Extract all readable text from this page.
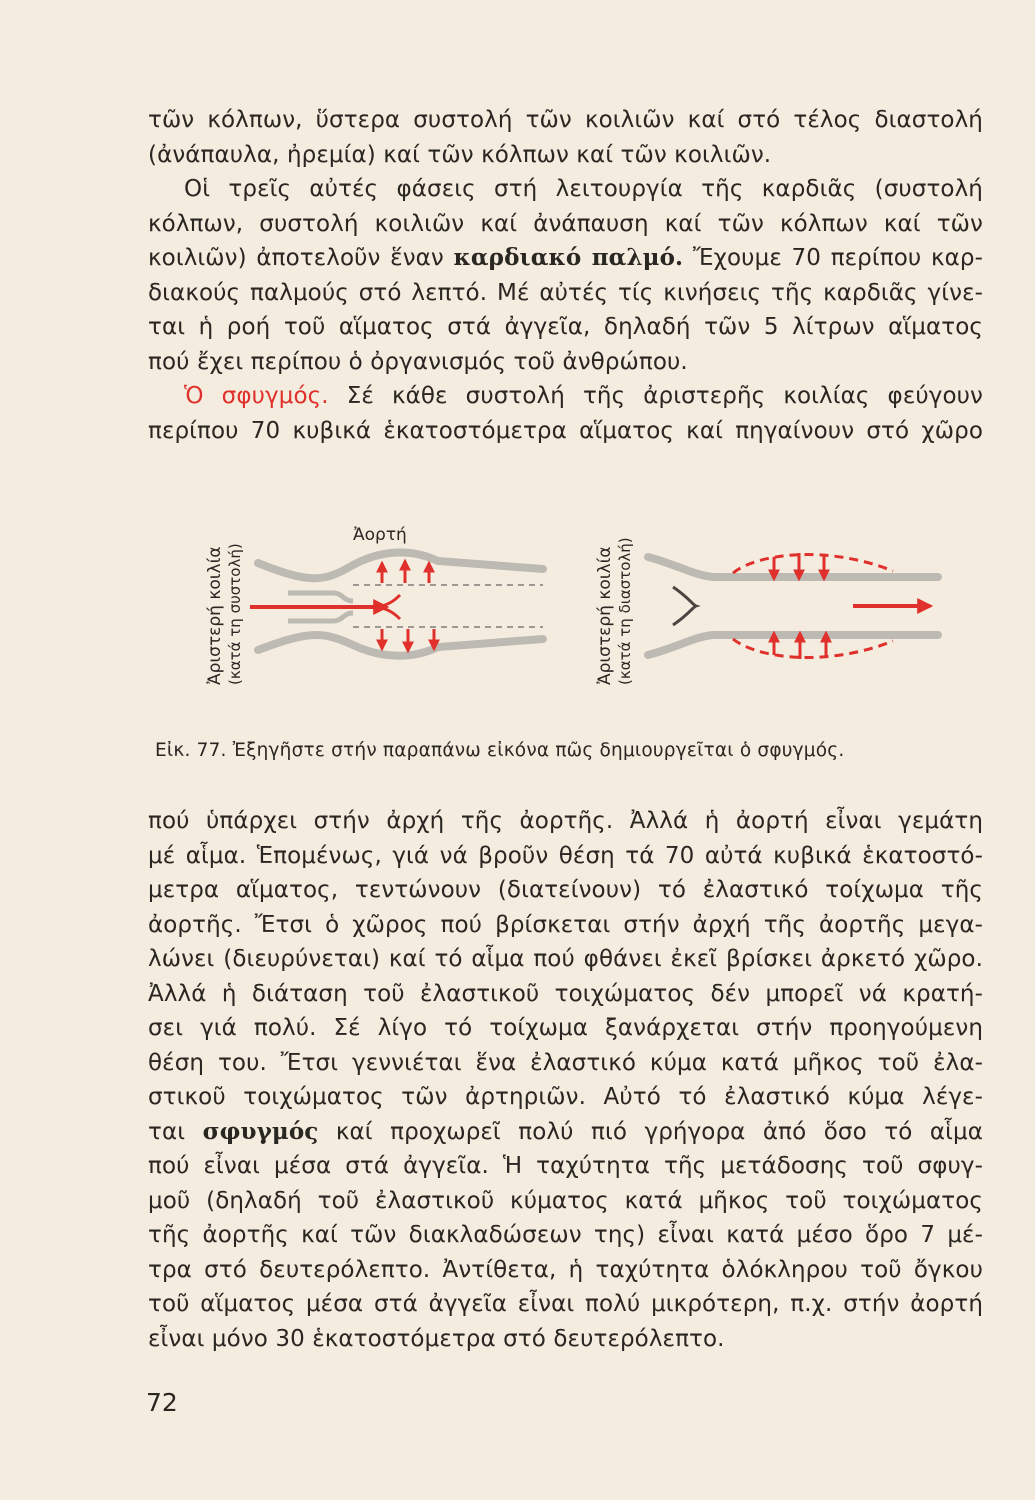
τῶν κόλπων, ὕστερα συστολή τῶν κοιλιῶν καί στό τέλος διαστολή
(ἀνάπαυλα, ἠρεμία) καί τῶν κόλπων καί τῶν κοιλιῶν.
Οἱ τρεῖς αὐτές φάσεις στή λειτουργία τῆς καρδιᾶς (συστολή
κόλπων, συστολή κοιλιῶν καί ἀνάπαυση καί τῶν κόλπων καί τῶν
κοιλιῶν) ἀποτελοῦν ἕναν καρδιακό παλμό. Ἔχουμε 70 περίπου καρ-
διακούς παλμούς στό λεπτό. Μέ αὐτές τίς κινήσεις τῆς καρδιᾶς γίνε-
ται ἡ ροή τοῦ αἵματος στά ἀγγεῖα, δηλαδή τῶν 5 λίτρων αἵματος
πού ἔχει περίπου ὁ ὀργανισμός τοῦ ἀνθρώπου.
Ὁ σφυγμός. Σέ κάθε συστολή τῆς ἀριστερῆς κοιλίας φεύγουν
περίπου 70 κυβικά ἑκατοστόμετρα αἵματος καί πηγαίνουν στό χῶρο
Ἀριστερή κοιλία (κατά τη συστολή)
Ἀορτή
Ἀριστερή κοιλία (κατά τη διαστολή)
Εἰκ. 77. Ἐξηγῆστε στήν παραπάνω εἰκόνα πῶς δημιουργεῖται ὁ σφυγμός.
πού ὑπάρχει στήν ἀρχή τῆς ἀορτῆς. Ἀλλά ἡ ἀορτή εἶναι γεμάτη
μέ αἷμα. Ἑπομένως, γιά νά βροῦν θέση τά 70 αὐτά κυβικά ἑκατοστό-
μετρα αἵματος, τεντώνουν (διατείνουν) τό ἐλαστικό τοίχωμα τῆς
ἀορτῆς. Ἔτσι ὁ χῶρος πού βρίσκεται στήν ἀρχή τῆς ἀορτῆς μεγα-
λώνει (διευρύνεται) καί τό αἷμα πού φθάνει ἐκεῖ βρίσκει ἀρκετό χῶρο.
Ἀλλά ἡ διάταση τοῦ ἐλαστικοῦ τοιχώματος δέν μπορεῖ νά κρατή-
σει γιά πολύ. Σέ λίγο τό τοίχωμα ξανάρχεται στήν προηγούμενη
θέση του. Ἔτσι γεννιέται ἕνα ἐλαστικό κύμα κατά μῆκος τοῦ ἐλα-
στικοῦ τοιχώματος τῶν ἀρτηριῶν. Αὐτό τό ἐλαστικό κύμα λέγε-
ται σφυγμός καί προχωρεῖ πολύ πιό γρήγορα ἀπό ὅσο τό αἷμα
πού εἶναι μέσα στά ἀγγεῖα. Ἡ ταχύτητα τῆς μετάδοσης τοῦ σφυγ-
μοῦ (δηλαδή τοῦ ἐλαστικοῦ κύματος κατά μῆκος τοῦ τοιχώματος
τῆς ἀορτῆς καί τῶν διακλαδώσεων της) εἶναι κατά μέσο ὅρο 7 μέ-
τρα στό δευτερόλεπτο. Ἀντίθετα, ἡ ταχύτητα ὁλόκληρου τοῦ ὄγκου
τοῦ αἵματος μέσα στά ἀγγεῖα εἶναι πολύ μικρότερη, π.χ. στήν ἀορτή
εἶναι μόνο 30 ἑκατοστόμετρα στό δευτερόλεπτο.
72
